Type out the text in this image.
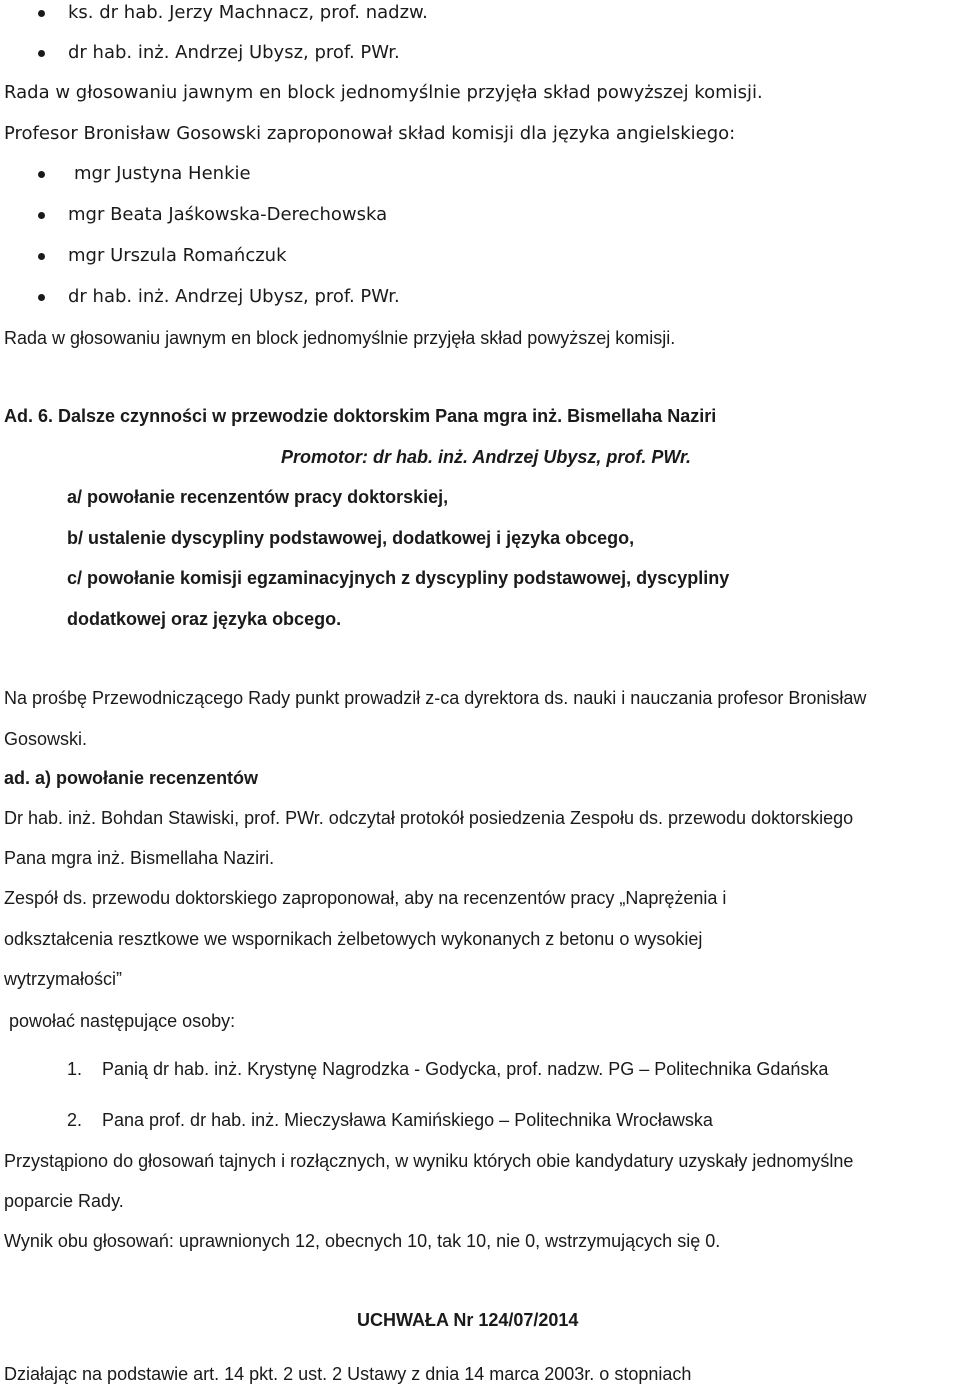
ks. dr hab. Jerzy Machnacz, prof. nadzw.
dr hab. inż. Andrzej Ubysz, prof. PWr.
Rada w głosowaniu jawnym en block jednomyślnie przyjęła skład powyższej komisji.
Profesor Bronisław Gosowski zaproponował skład komisji dla języka angielskiego:
mgr Justyna Henkie
mgr Beata Jaśkowska-Derechowska
mgr Urszula Romańczuk
dr hab. inż. Andrzej Ubysz, prof. PWr.
Rada w głosowaniu jawnym en block jednomyślnie przyjęła skład powyższej komisji.
Ad. 6. Dalsze czynności w przewodzie doktorskim Pana mgra inż. Bismellaha Naziri
Promotor: dr hab. inż. Andrzej Ubysz, prof. PWr.
a/ powołanie recenzentów pracy doktorskiej,
b/ ustalenie dyscypliny podstawowej, dodatkowej i języka obcego,
c/ powołanie komisji egzaminacyjnych z dyscypliny podstawowej, dyscypliny
dodatkowej oraz języka obcego.
Na prośbę Przewodniczącego Rady punkt prowadził z-ca dyrektora ds. nauki i nauczania profesor Bronisław
Gosowski.
ad. a) powołanie recenzentów
Dr hab. inż. Bohdan Stawiski, prof. PWr. odczytał protokół posiedzenia Zespołu ds. przewodu doktorskiego
Pana mgra inż. Bismellaha Naziri.
Zespół ds. przewodu doktorskiego zaproponował, aby na recenzentów pracy „Naprężenia i
odkształcenia resztkowe we wspornikach żelbetowych wykonanych z betonu o wysokiej
wytrzymałości”
powołać następujące osoby:
1. Panią dr hab. inż. Krystynę Nagrodzka - Godycka, prof. nadzw. PG – Politechnika Gdańska
2. Pana prof. dr hab. inż. Mieczysława Kamińskiego – Politechnika Wrocławska
Przystąpiono do głosowań tajnych i rozłącznych, w wyniku których obie kandydatury uzyskały jednomyślne
poparcie Rady.
Wynik obu głosowań: uprawnionych 12, obecnych 10, tak 10, nie 0, wstrzymujących się 0.
UCHWAŁA Nr 124/07/2014
Działając na podstawie art. 14 pkt. 2 ust. 2 Ustawy z dnia 14 marca 2003r. o stopniach
